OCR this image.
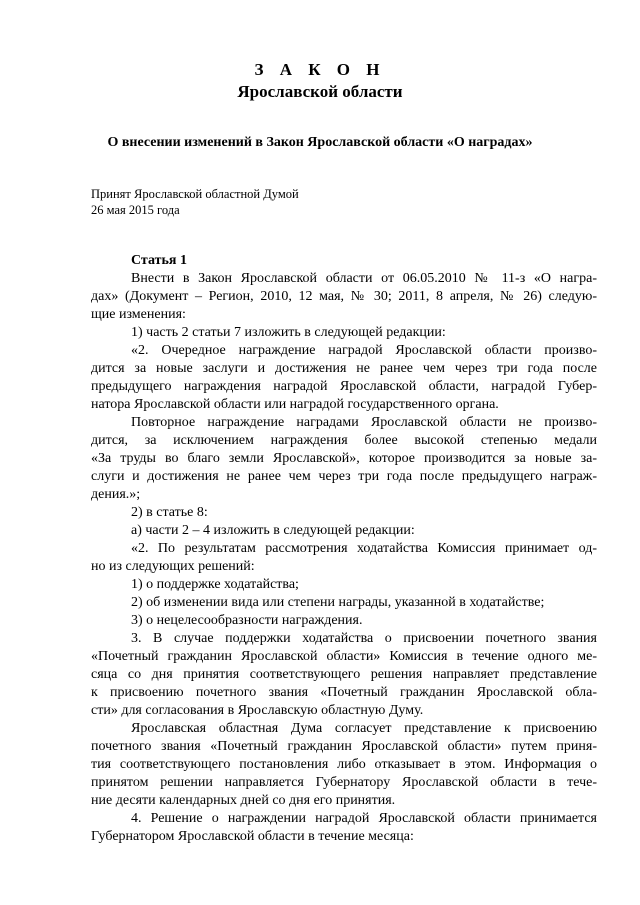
З А К О Н
Ярославской области
О внесении изменений в Закон Ярославской области «О наградах»
Принят Ярославской областной Думой
26 мая 2015 года
Статья 1
Внести в Закон Ярославской области от 06.05.2010 № 11-з «О награ-
дах» (Документ – Регион, 2010, 12 мая, № 30; 2011, 8 апреля, № 26) следую-
щие изменения:
1) часть 2 статьи 7 изложить в следующей редакции:
«2. Очередное награждение наградой Ярославской области произво-
дится за новые заслуги и достижения не ранее чем через три года после
предыдущего награждения наградой Ярославской области, наградой Губер-
натора Ярославской области или наградой государственного органа.
Повторное награждение наградами Ярославской области не произво-
дится, за исключением награждения более высокой степенью медали
«За труды во благо земли Ярославской», которое производится за новые за-
слуги и достижения не ранее чем через три года после предыдущего награж-
дения.»;
2) в статье 8:
а) части 2 – 4 изложить в следующей редакции:
«2. По результатам рассмотрения ходатайства Комиссия принимает од-
но из следующих решений:
1) о поддержке ходатайства;
2) об изменении вида или степени награды, указанной в ходатайстве;
3) о нецелесообразности награждения.
3. В случае поддержки ходатайства о присвоении почетного звания
«Почетный гражданин Ярославской области» Комиссия в течение одного ме-
сяца со дня принятия соответствующего решения направляет представление
к присвоению почетного звания «Почетный гражданин Ярославской обла-
сти» для согласования в Ярославскую областную Думу.
Ярославская областная Дума согласует представление к присвоению
почетного звания «Почетный гражданин Ярославской области» путем приня-
тия соответствующего постановления либо отказывает в этом. Информация о
принятом решении направляется Губернатору Ярославской области в тече-
ние десяти календарных дней со дня его принятия.
4. Решение о награждении наградой Ярославской области принимается
Губернатором Ярославской области в течение месяца:
